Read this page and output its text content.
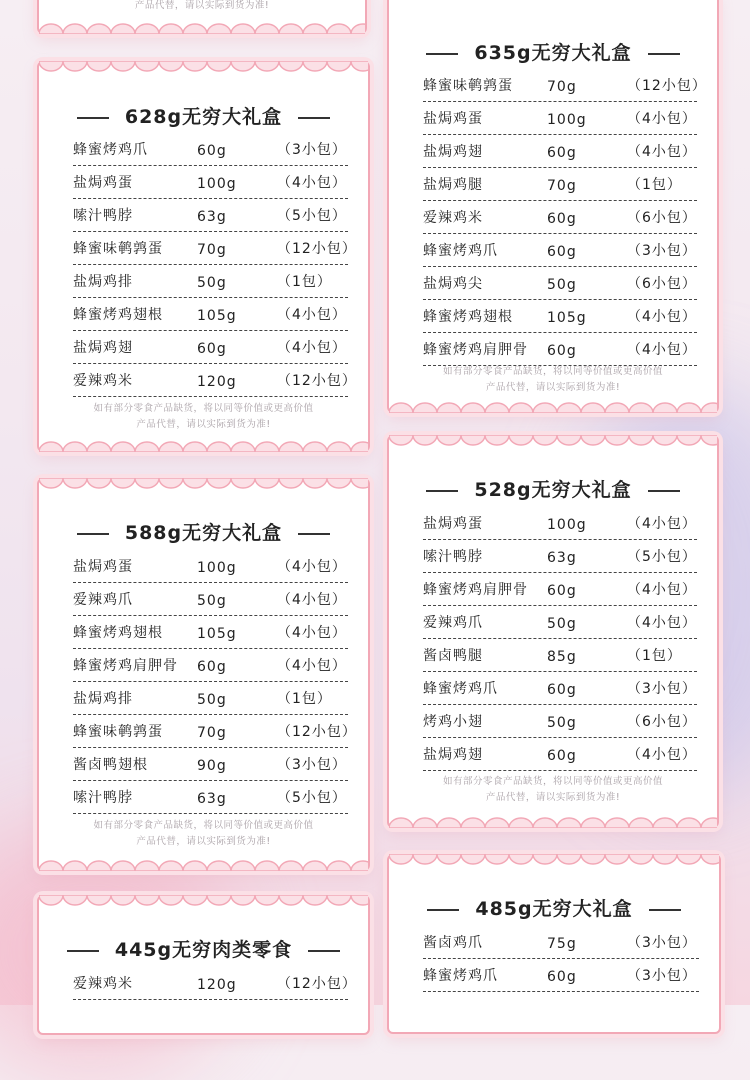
产品代替，请以实际到货为准!
628g无穷大礼盒
蜂蜜烤鸡爪	60g	（3小包）
盐焗鸡蛋	100g	（4小包）
嗦汁鸭脖	63g	（5小包）
蜂蜜味鹌鹑蛋 70g	（12小包）
盐焗鸡排	50g	（1包）
蜂蜜烤鸡翅根 105g	（4小包）
盐焗鸡翅	60g	（4小包）
爱辣鸡米	120g	（12小包）
如有部分零食产品缺货，将以同等价值或更高价值
产品代替，请以实际到货为准!
635g无穷大礼盒
蜂蜜味鹌鹑蛋 70g	（12小包）
盐焗鸡蛋	100g	（4小包）
盐焗鸡翅	60g	（4小包）
盐焗鸡腿	70g	（1包）
爱辣鸡米	60g	（6小包）
蜂蜜烤鸡爪	60g	（3小包）
盐焗鸡尖	50g	（6小包）
蜂蜜烤鸡翅根 105g	（4小包）
蜂蜜烤鸡肩胛骨 60g	（4小包）
如有部分零食产品缺货，将以同等价值或更高价值
产品代替，请以实际到货为准!
588g无穷大礼盒
盐焗鸡蛋	100g	（4小包）
爱辣鸡爪	50g	（4小包）
蜂蜜烤鸡翅根 105g	（4小包）
蜂蜜烤鸡肩胛骨 60g	（4小包）
盐焗鸡排	50g	（1包）
蜂蜜味鹌鹑蛋 70g	（12小包）
酱卤鸭翅根	90g	（3小包）
嗦汁鸭脖	63g	（5小包）
如有部分零食产品缺货，将以同等价值或更高价值
产品代替，请以实际到货为准!
528g无穷大礼盒
盐焗鸡蛋	100g	（4小包）
嗦汁鸭脖	63g	（5小包）
蜂蜜烤鸡肩胛骨 60g	（4小包）
爱辣鸡爪	50g	（4小包）
酱卤鸭腿	85g	（1包）
蜂蜜烤鸡爪	60g	（3小包）
烤鸡小翅	50g	（6小包）
盐焗鸡翅	60g	（4小包）
如有部分零食产品缺货，将以同等价值或更高价值
产品代替，请以实际到货为准!
445g无穷肉类零食
爱辣鸡米	120g	（12小包）
485g无穷大礼盒
酱卤鸡爪	75g	（3小包）
蜂蜜烤鸡爪	60g	（3小包）
